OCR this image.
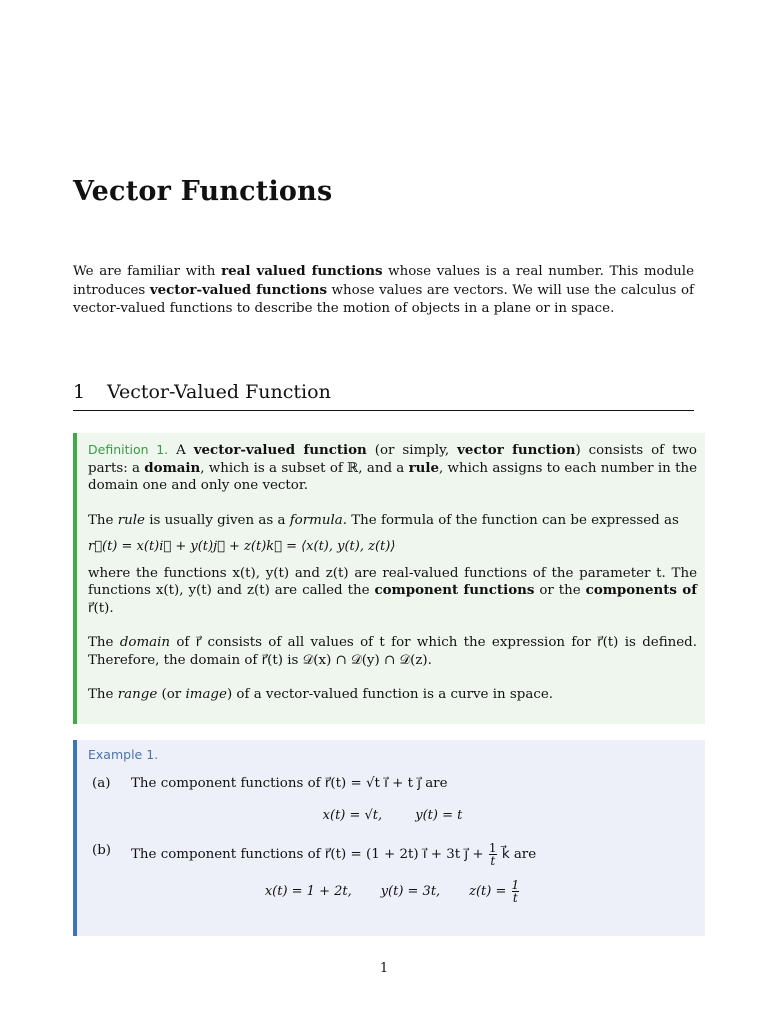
Vector Functions

We are familiar with real valued functions whose values is a real number. This module introduces vector-valued functions whose values are vectors. We will use the calculus of vector-valued functions to describe the motion of objects in a plane or in space.

1 Vector-Valued Function

Definition 1. A vector-valued function (or simply, vector function) consists of two parts: a domain, which is a subset of ℝ, and a rule, which assigns to each number in the domain one and only one vector.

The rule is usually given as a formula. The formula of the function can be expressed as

r⃗(t) = x(t)i⃗ + y(t)j⃗ + z(t)k⃗ = ⟨x(t), y(t), z(t)⟩

where the functions x(t), y(t) and z(t) are real-valued functions of the parameter t. The functions x(t), y(t) and z(t) are called the component functions or the components of r⃗(t).

The domain of r⃗ consists of all values of t for which the expression for r⃗(t) is defined. Therefore, the domain of r⃗(t) is 𝒟(x) ∩ 𝒟(y) ∩ 𝒟(z).

The range (or image) of a vector-valued function is a curve in space.

Example 1.
(a) The component functions of r⃗(t) = √t i⃗ + t j⃗ are

x(t) = √t,        y(t) = t

(b) The component functions of r⃗(t) = (1 + 2t) i⃗ + 3t j⃗ + $\frac{1}{t}$ k⃗ are

x(t) = 1 + 2t, y(t) = 3t, $z(t) = \frac{1}{t}$

1
